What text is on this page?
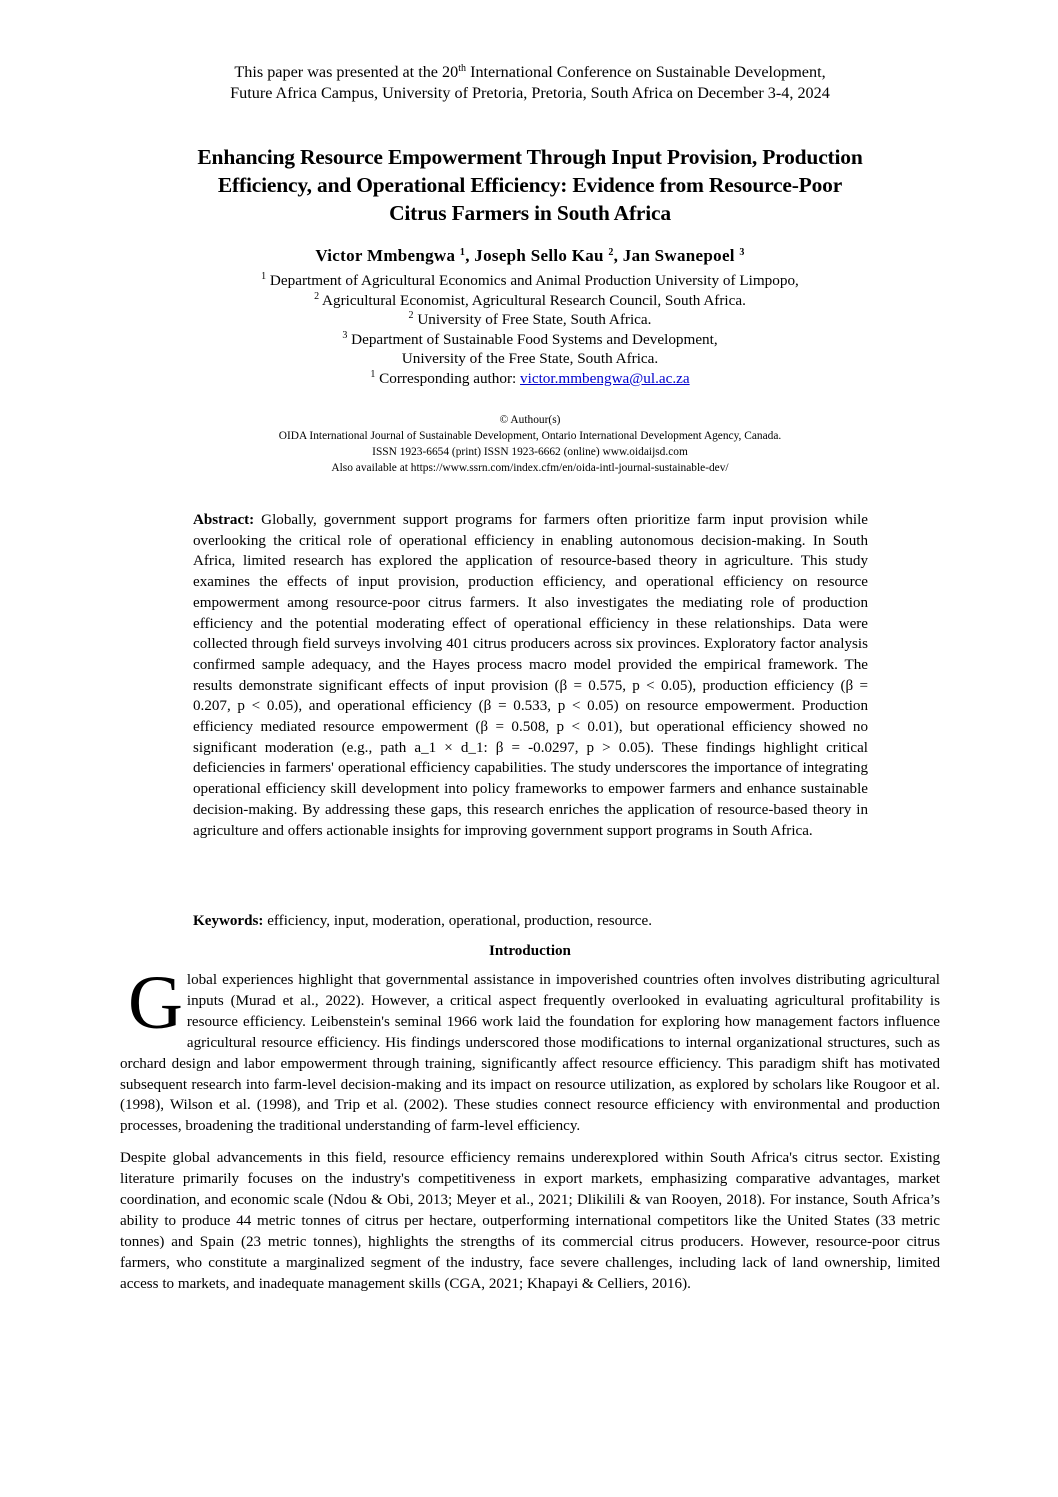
This paper was presented at the 20th International Conference on Sustainable Development,
Future Africa Campus, University of Pretoria, Pretoria, South Africa on December 3-4, 2024
Enhancing Resource Empowerment Through Input Provision, Production
Efficiency, and Operational Efficiency: Evidence from Resource-Poor
Citrus Farmers in South Africa
Victor Mmbengwa $^1$, Joseph Sello Kau $^2$, Jan Swanepoel $^3$
$^1$ Department of Agricultural Economics and Animal Production University of Limpopo,
$^2$ Agricultural Economist, Agricultural Research Council, South Africa.
$^2$ University of Free State, South Africa.
$^3$ Department of Sustainable Food Systems and Development,
University of the Free State, South Africa.
$^1$ Corresponding author: victor.mmbengwa@ul.ac.za
© Authour(s)
OIDA International Journal of Sustainable Development, Ontario International Development Agency, Canada.
ISSN 1923-6654 (print) ISSN 1923-6662 (online) www.oidaijsd.com
Also available at https://www.ssrn.com/index.cfm/en/oida-intl-journal-sustainable-dev/
Abstract: Globally, government support programs for farmers often prioritize farm input provision while overlooking the critical role of operational efficiency in enabling autonomous decision-making. In South Africa, limited research has explored the application of resource-based theory in agriculture. This study examines the effects of input provision, production efficiency, and operational efficiency on resource empowerment among resource-poor citrus farmers. It also investigates the mediating role of production efficiency and the potential moderating effect of operational efficiency in these relationships. Data were collected through field surveys involving 401 citrus producers across six provinces. Exploratory factor analysis confirmed sample adequacy, and the Hayes process macro model provided the empirical framework. The results demonstrate significant effects of input provision (β = 0.575, p < 0.05), production efficiency (β = 0.207, p < 0.05), and operational efficiency (β = 0.533, p < 0.05) on resource empowerment. Production efficiency mediated resource empowerment (β = 0.508, p < 0.01), but operational efficiency showed no significant moderation (e.g., path a_1 × d_1: β = -0.0297, p > 0.05). These findings highlight critical deficiencies in farmers' operational efficiency capabilities. The study underscores the importance of integrating operational efficiency skill development into policy frameworks to empower farmers and enhance sustainable decision-making. By addressing these gaps, this research enriches the application of resource-based theory in agriculture and offers actionable insights for improving government support programs in South Africa.
Keywords: efficiency, input, moderation, operational, production, resource.
Introduction

Global experiences highlight that governmental assistance in impoverished countries often involves distributing agricultural inputs (Murad et al., 2022). However, a critical aspect frequently overlooked in evaluating agricultural profitability is resource efficiency. Leibenstein's seminal 1966 work laid the foundation for exploring how management factors influence agricultural resource efficiency. His findings underscored those modifications to internal organizational structures, such as orchard design and labor empowerment through training, significantly affect resource efficiency. This paradigm shift has motivated subsequent research into farm-level decision-making and its impact on resource utilization, as explored by scholars like Rougoor et al. (1998), Wilson et al. (1998), and Trip et al. (2002). These studies connect resource efficiency with environmental and production processes, broadening the traditional understanding of farm-level efficiency.

Despite global advancements in this field, resource efficiency remains underexplored within South Africa's citrus sector. Existing literature primarily focuses on the industry's competitiveness in export markets, emphasizing comparative advantages, market coordination, and economic scale (Ndou & Obi, 2013; Meyer et al., 2021; Dlikilili & van Rooyen, 2018). For instance, South Africa’s ability to produce 44 metric tonnes of citrus per hectare, outperforming international competitors like the United States (33 metric tonnes) and Spain (23 metric tonnes), highlights the strengths of its commercial citrus producers. However, resource-poor citrus farmers, who constitute a marginalized segment of the industry, face severe challenges, including lack of land ownership, limited access to markets, and inadequate management skills (CGA, 2021; Khapayi & Celliers, 2016).
